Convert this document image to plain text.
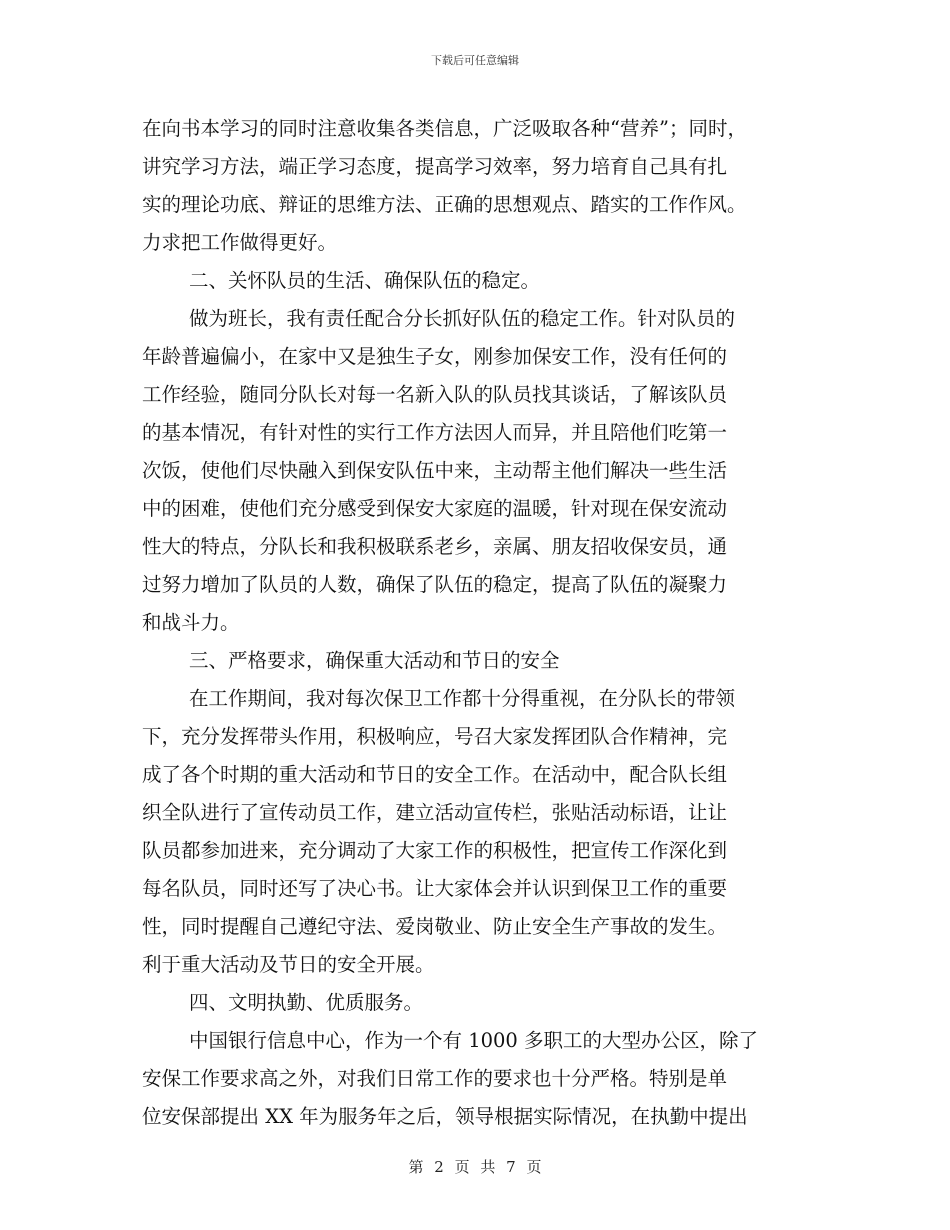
下载后可任意编辑
在向书本学习的同时注意收集各类信息，广泛吸取各种“营养”；同时，
讲究学习方法，端正学习态度，提高学习效率，努力培育自己具有扎
实的理论功底、辩证的思维方法、正确的思想观点、踏实的工作作风。
力求把工作做得更好。
二、关怀队员的生活、确保队伍的稳定。
做为班长，我有责任配合分长抓好队伍的稳定工作。针对队员的
年龄普遍偏小，在家中又是独生子女，刚参加保安工作，没有任何的
工作经验，随同分队长对每一名新入队的队员找其谈话，了解该队员
的基本情况，有针对性的实行工作方法因人而异，并且陪他们吃第一
次饭，使他们尽快融入到保安队伍中来，主动帮主他们解决一些生活
中的困难，使他们充分感受到保安大家庭的温暖，针对现在保安流动
性大的特点，分队长和我积极联系老乡，亲属、朋友招收保安员，通
过努力增加了队员的人数，确保了队伍的稳定，提高了队伍的凝聚力
和战斗力。
三、严格要求，确保重大活动和节日的安全
在工作期间，我对每次保卫工作都十分得重视，在分队长的带领
下，充分发挥带头作用，积极响应，号召大家发挥团队合作精神，完
成了各个时期的重大活动和节日的安全工作。在活动中，配合队长组
织全队进行了宣传动员工作，建立活动宣传栏，张贴活动标语，让让
队员都参加进来，充分调动了大家工作的积极性，把宣传工作深化到
每名队员，同时还写了决心书。让大家体会并认识到保卫工作的重要
性，同时提醒自己遵纪守法、爱岗敬业、防止安全生产事故的发生。
利于重大活动及节日的安全开展。
四、文明执勤、优质服务。
中国银行信息中心，作为一个有 1000 多职工的大型办公区，除了
安保工作要求高之外，对我们日常工作的要求也十分严格。特别是单
位安保部提出 XX 年为服务年之后，领导根据实际情况，在执勤中提出
第 2 页 共 7 页
